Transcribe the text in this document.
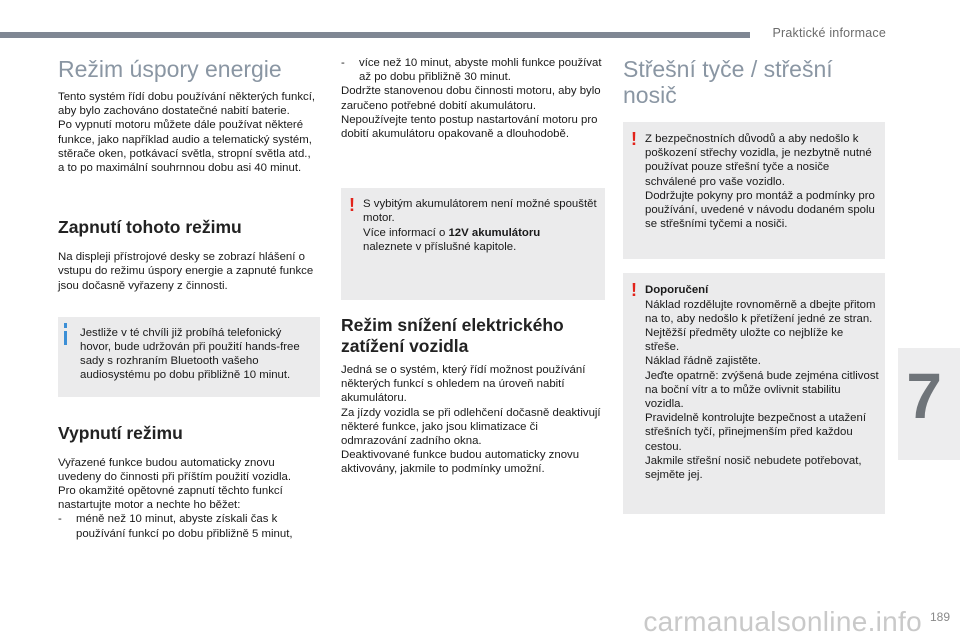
Praktické informace
Režim úspory energie

Tento systém řídí dobu používání některých funkcí, aby bylo zachováno dostatečné nabití baterie.
Po vypnutí motoru můžete dále používat některé funkce, jako například audio a telematický systém, stěrače oken, potkávací světla, stropní světla atd., a to po maximální souhrnnou dobu asi 40 minut.

Zapnutí tohoto režimu

Na displeji přístrojové desky se zobrazí hlášení o vstupu do režimu úspory energie a zapnuté funkce jsou dočasně vyřazeny z činnosti.

Jestliže v té chvíli již probíhá telefonický hovor, bude udržován při použití hands-free sady s rozhraním Bluetooth vašeho audiosystému po dobu přibližně 10 minut.

Vypnutí režimu

Vyřazené funkce budou automaticky znovu uvedeny do činnosti při příštím použití vozidla.
Pro okamžité opětovné zapnutí těchto funkcí nastartujte motor a nechte ho běžet:

-	méně než 10 minut, abyste získali čas k používání funkcí po dobu přibližně 5 minut,
-	více než 10 minut, abyste mohli funkce používat až po dobu přibližně 30 minut.

Dodržte stanovenou dobu činnosti motoru, aby bylo zaručeno potřebné dobití akumulátoru.
Nepoužívejte tento postup nastartování motoru pro dobití akumulátoru opakovaně a dlouhodobě.

! S vybitým akumulátorem není možné spouštět motor.

Více informací o 12V akumulátoru

naleznete v příslušné kapitole.

Režim snížení elektrického zatížení vozidla

Jedná se o systém, který řídí možnost používání některých funkcí s ohledem na úroveň nabití akumulátoru.
Za jízdy vozidla se při odlehčení dočasně deaktivují některé funkce, jako jsou klimatizace či odmrazování zadního okna.
Deaktivované funkce budou automaticky znovu aktivovány, jakmile to podmínky umožní.

Střešní tyče / střešní nosič
! Z bezpečnostních důvodů a aby nedošlo k poškození střechy vozidla, je nezbytně nutné používat pouze střešní tyče a nosiče schválené pro vaše vozidlo.
Dodržujte pokyny pro montáž a podmínky pro používání, uvedené v návodu dodaném spolu se střešními tyčemi a nosiči.

! Doporučení

Náklad rozdělujte rovnoměrně a dbejte přitom na to, aby nedošlo k přetížení jedné ze stran.
Nejtěžší předměty uložte co nejblíže ke střeše.
Náklad řádně zajistěte.
Jeďte opatrně: zvýšená bude zejména citlivost na boční vítr a to může ovlivnit stabilitu vozidla.
Pravidelně kontrolujte bezpečnost a utažení střešních tyčí, přinejmenším před každou cestou.
Jakmile střešní nosič nebudete potřebovat, sejměte jej.

7
carmanualsonline.info 189
